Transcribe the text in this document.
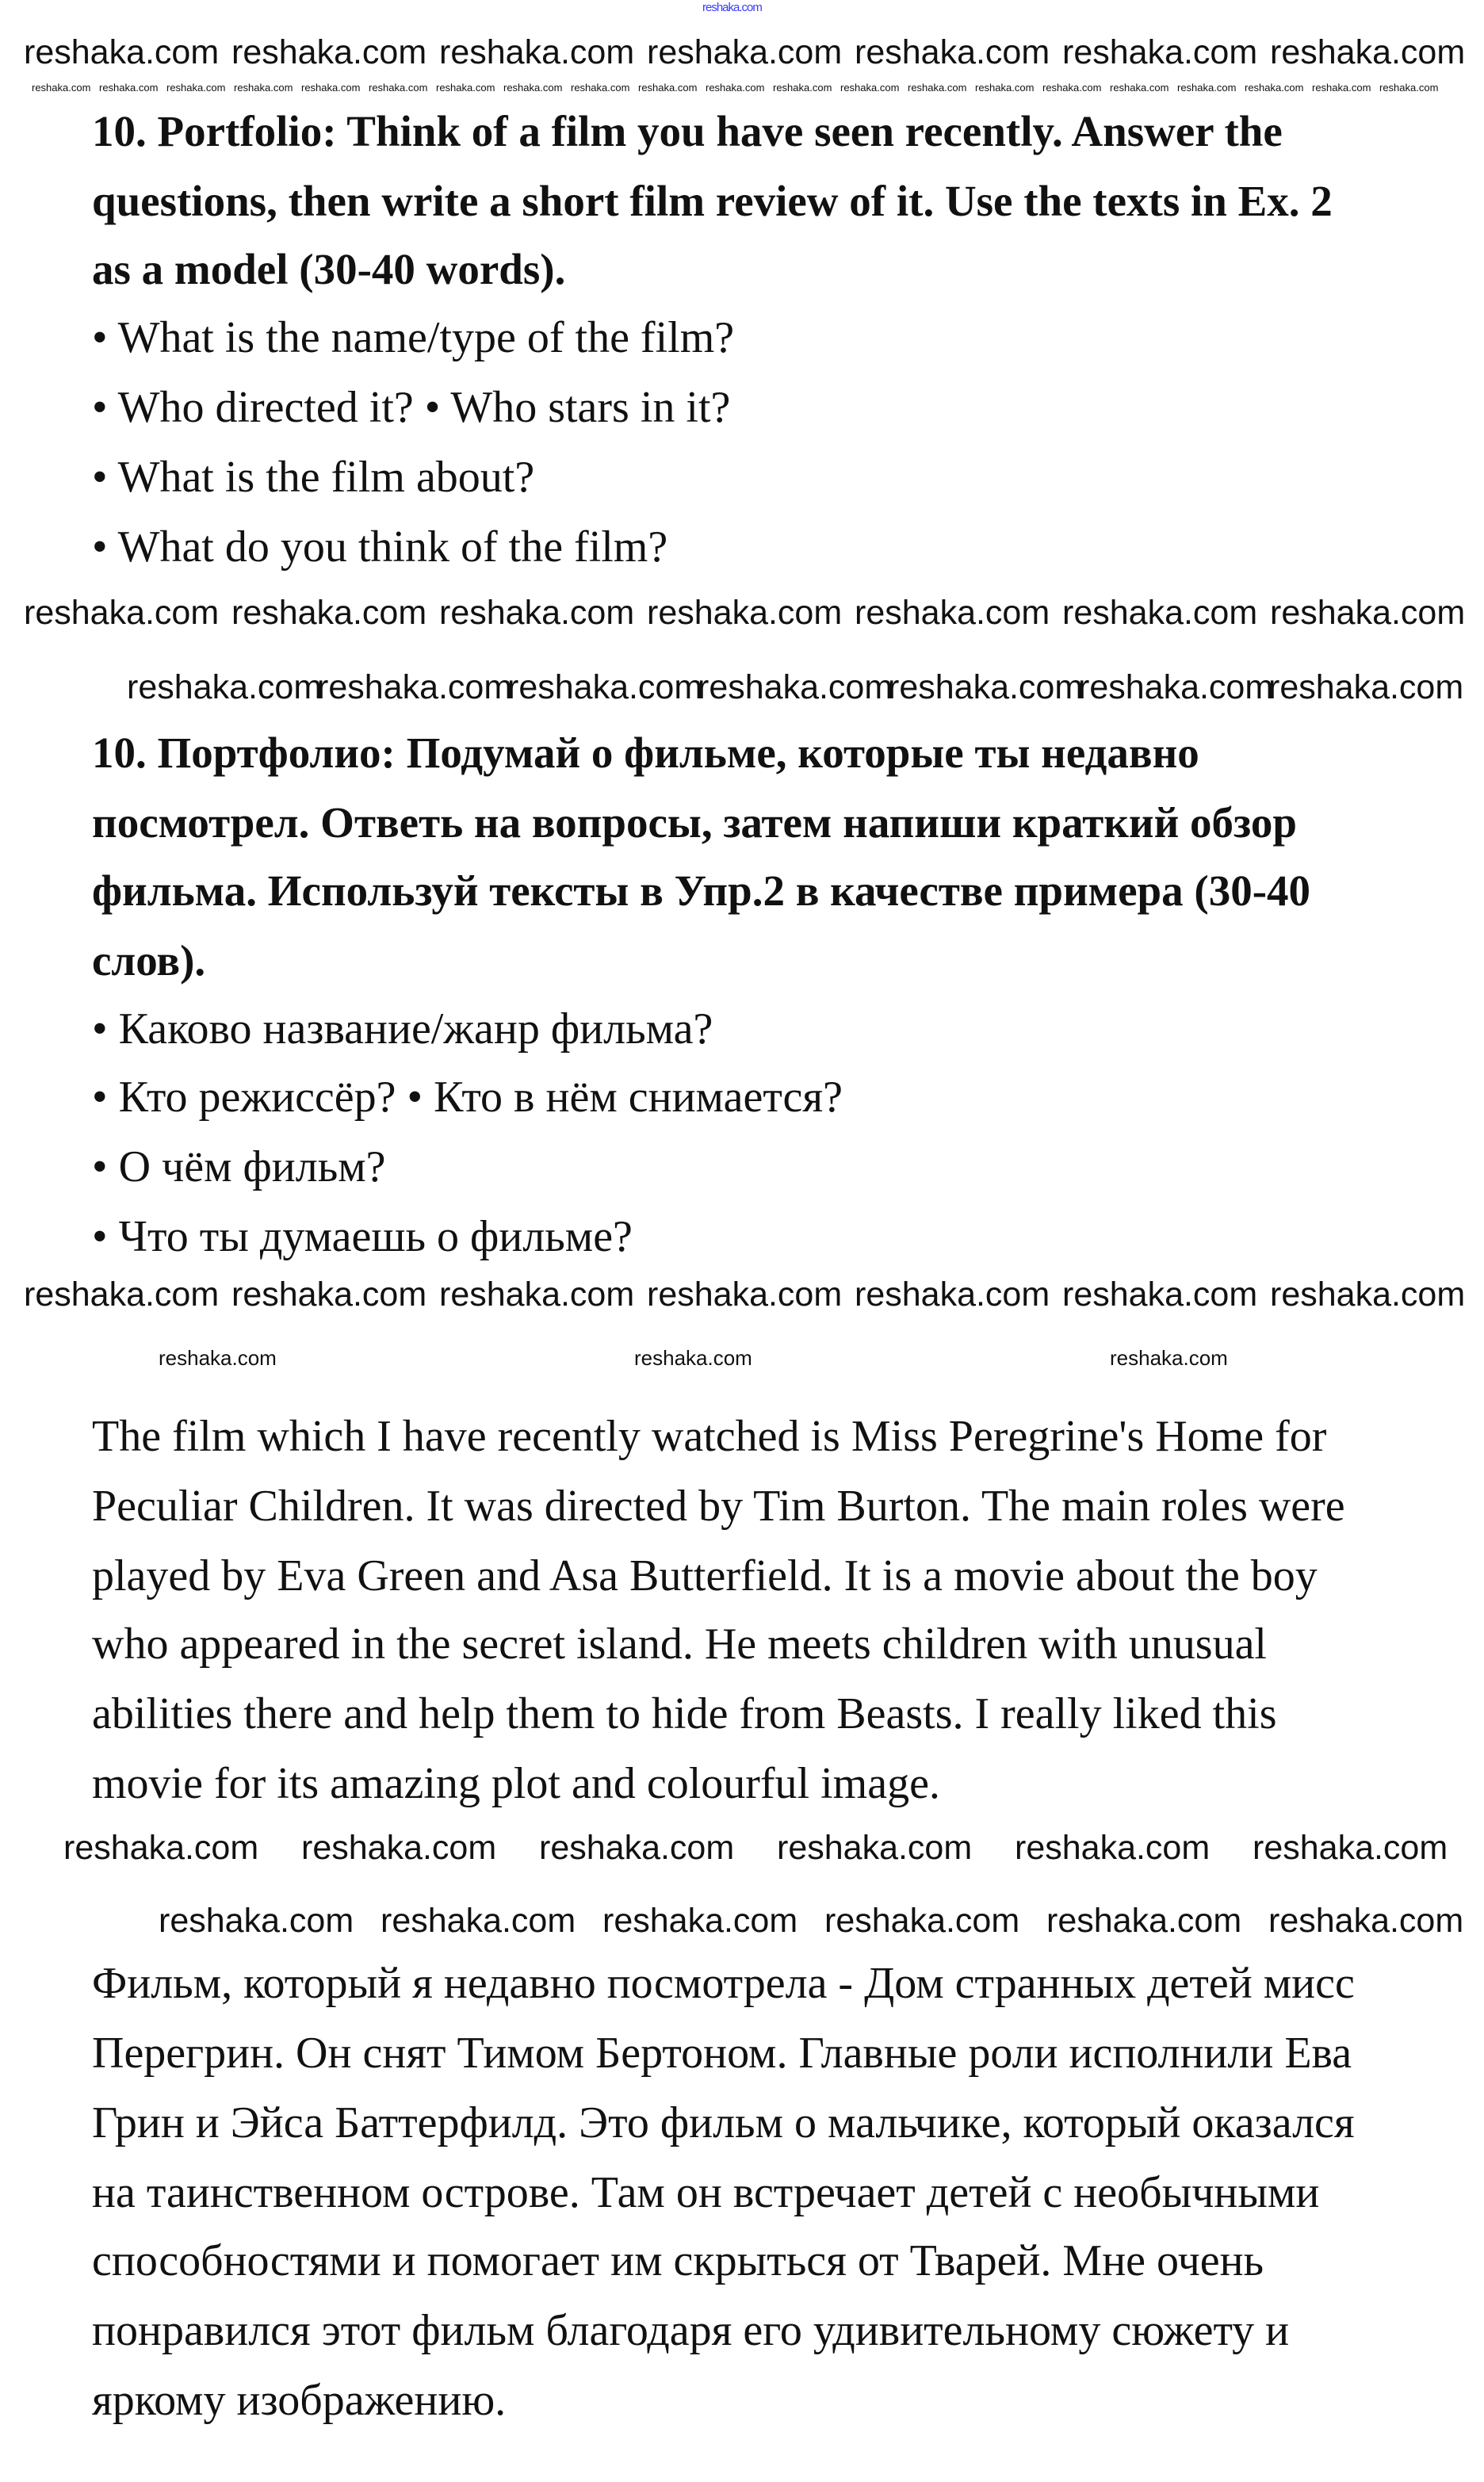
reshaka.com
10. Portfolio: Think of a film you have seen recently. Answer the
questions, then write a short film review of it. Use the texts in Ex. 2
as a model (30-40 words).
• What is the name/type of the film?
• Who directed it? • Who stars in it?
• What is the film about?
• What do you think of the film?
10. Портфолио: Подумай о фильме, которые ты недавно
посмотрел. Ответь на вопросы, затем напиши краткий обзор
фильма. Используй тексты в Упр.2 в качестве примера (30-40
слов).
• Каково название/жанр фильма?
• Кто режиссёр? • Кто в нём снимается?
• О чём фильм?
• Что ты думаешь о фильме?
The film which I have recently watched is Miss Peregrine's Home for
Peculiar Children. It was directed by Tim Burton. The main roles were
played by Eva Green and Asa Butterfield. It is a movie about the boy
who appeared in the secret island. He meets children with unusual
abilities there and help them to hide from Beasts. I really liked this
movie for its amazing plot and colourful image.
Фильм, который я недавно посмотрела - Дом странных детей мисс
Перегрин. Он снят Тимом Бертоном. Главные роли исполнили Ева
Грин и Эйса Баттерфилд. Это фильм о мальчике, который оказался
на таинственном острове. Там он встречает детей с необычными
способностями и помогает им скрыться от Тварей. Мне очень
понравился этот фильм благодаря его удивительному сюжету и
яркому изображению.
reshaka.com reshaka.com reshaka.com reshaka.com reshaka.com reshaka.com reshaka.com
reshaka.com reshaka.com reshaka.com reshaka.com reshaka.com reshaka.com reshaka.com reshaka.com reshaka.com reshaka.com reshaka.com reshaka.com reshaka.com reshaka.com reshaka.com reshaka.com reshaka.com reshaka.com reshaka.com reshaka.com reshaka.com
reshaka.com reshaka.com reshaka.com reshaka.com reshaka.com reshaka.com reshaka.com
reshaka.com
reshaka.com
reshaka.com
reshaka.com
reshaka.com
reshaka.com
reshaka.com
reshaka.com reshaka.com reshaka.com reshaka.com reshaka.com reshaka.com reshaka.com
reshaka.com	reshaka.com	reshaka.com
reshaka.com reshaka.com reshaka.com reshaka.com reshaka.com reshaka.com
reshaka.com reshaka.com reshaka.com reshaka.com reshaka.com reshaka.com
